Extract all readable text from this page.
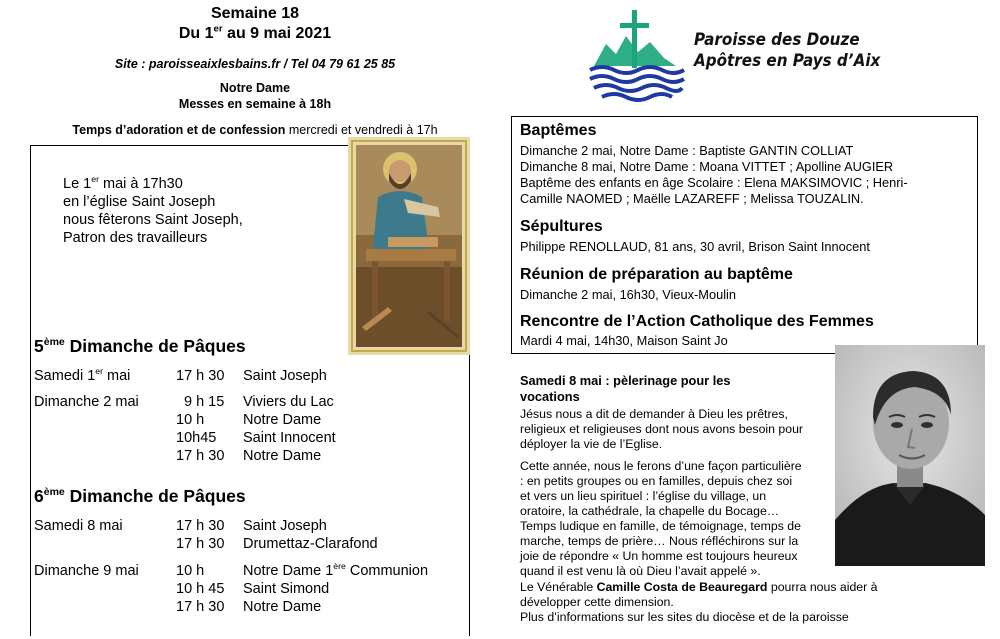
Semaine 18
Du 1er au 9 mai 2021
Site : paroisseaixlesbains.fr / Tel 04 79 61 25 85
Notre Dame
Messes en semaine à 18h
Temps d’adoration et de confession mercredi et vendredi à 17h
Paroisse des Douze
Apôtres en Pays d’Aix
Le 1er mai à 17h30
en l’église Saint Joseph
nous fêterons Saint Joseph,
Patron des travailleurs
5ème Dimanche de Pâques
Samedi 1er mai	17 h 30 Saint Joseph
Dimanche 2 mai	9 h 15 Viviers du Lac
10 h	Notre Dame
10h45 Saint Innocent
17 h 30 Notre Dame
6ème Dimanche de Pâques
Samedi 8 mai	17 h 30 Saint Joseph
17 h 30 Drumettaz-Clarafond
Dimanche 9 mai	10 h	Notre Dame 1ère Communion
10 h 45 Saint Simond
17 h 30 Notre Dame
Baptêmes
Dimanche 2 mai, Notre Dame : Baptiste GANTIN COLLIAT
Dimanche 8 mai, Notre Dame : Moana VITTET ; Apolline AUGIER
Baptême des enfants en âge Scolaire : Elena MAKSIMOVIC ; Henri-
Camille NAOMED ; Maëlle LAZAREFF ; Melissa TOUZALIN.
Sépultures
Philippe RENOLLAUD, 81 ans, 30 avril, Brison Saint Innocent
Réunion de préparation au baptême
Dimanche 2 mai, 16h30, Vieux-Moulin
Rencontre de l’Action Catholique des Femmes
Mardi 4 mai, 14h30, Maison Saint Jo
Samedi 8 mai : pèlerinage pour les
vocations
Jésus nous a dit de demander à Dieu les prêtres,
religieux et religieuses dont nous avons besoin pour
déployer la vie de l’Eglise.
Cette année, nous le ferons d’une façon particulière
: en petits groupes ou en familles, depuis chez soi
et vers un lieu spirituel : l’église du village, un
oratoire, la cathédrale, la chapelle du Bocage…
Temps ludique en famille, de témoignage, temps de
marche, temps de prière… Nous réfléchirons sur la
joie de répondre « Un homme est toujours heureux
quand il est venu là où Dieu l’avait appelé ».
Le Vénérable Camille Costa de Beauregard pourra nous aider à
développer cette dimension.
Plus d’informations sur les sites du diocèse et de la paroisse
